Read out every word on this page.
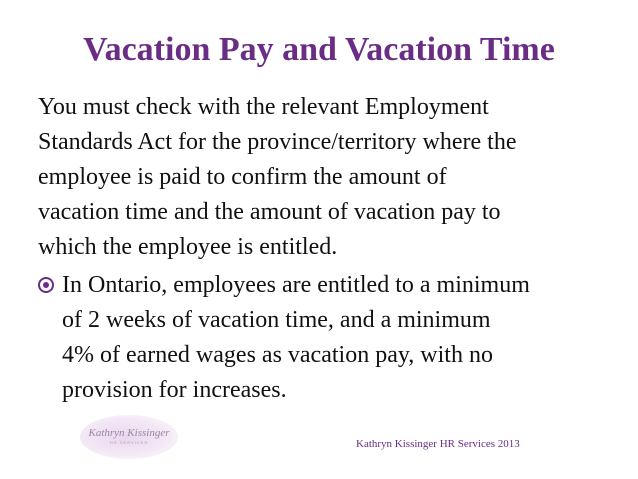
Vacation Pay and Vacation Time
You must check with the relevant Employment
Standards Act for the province/territory where the
employee is paid to confirm the amount of
vacation time and the amount of vacation pay to
which the employee is entitled.
In Ontario, employees are entitled to a minimum
of 2 weeks of vacation time, and a minimum
4% of earned wages as vacation pay, with no
provision for increases.
Kathryn Kissinger
HR SERVICES	Kathryn Kissinger HR Services 2013
